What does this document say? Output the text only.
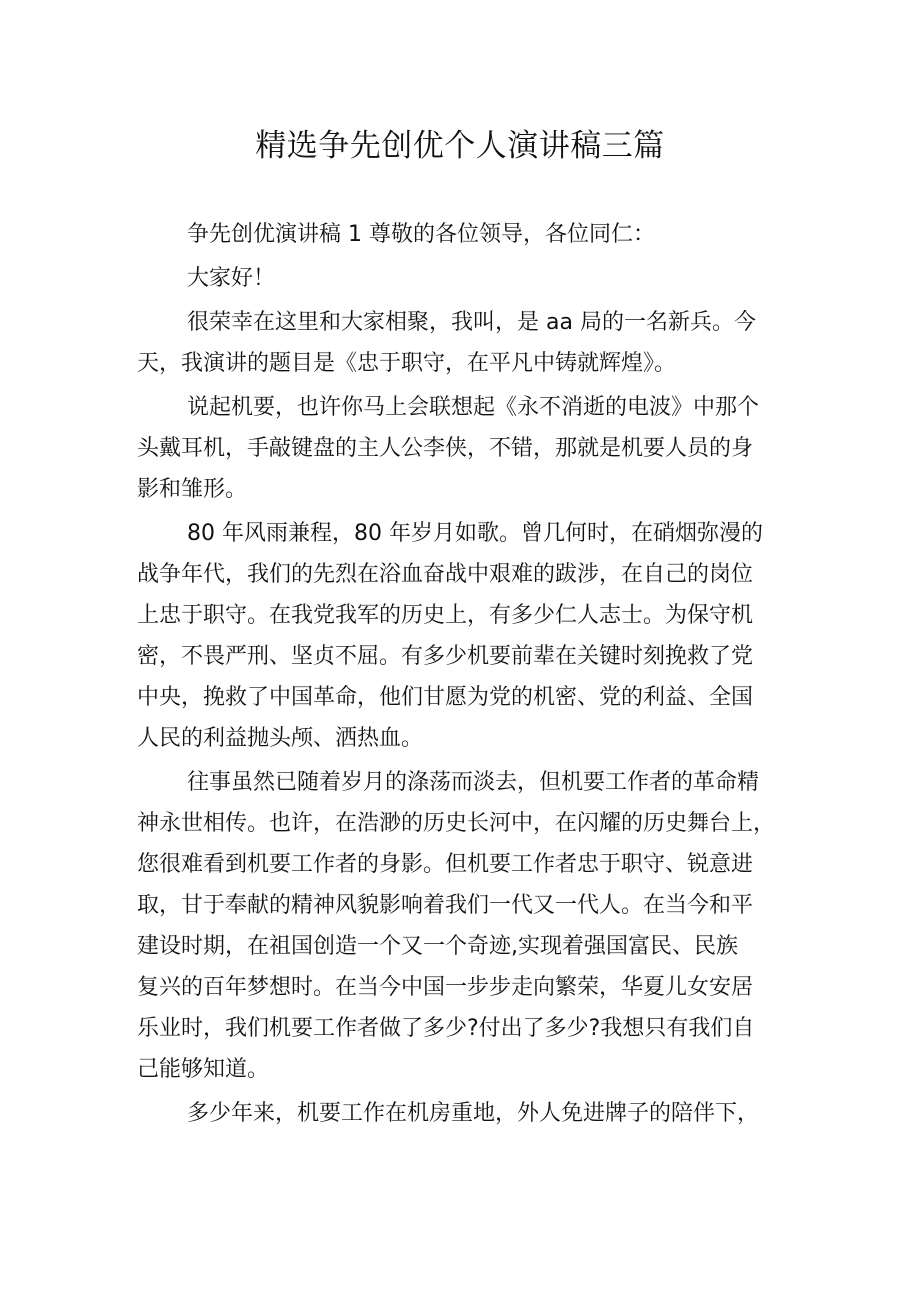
精选争先创优个人演讲稿三篇

争先创优演讲稿 1 尊敬的各位领导，各位同仁：

大家好！

很荣幸在这里和大家相聚，我叫，是 aa 局的一名新兵。今
天，我演讲的题目是《忠于职守，在平凡中铸就辉煌》。

说起机要，也许你马上会联想起《永不消逝的电波》中那个
头戴耳机，手敲键盘的主人公李侠，不错，那就是机要人员的身
影和雏形。

80 年风雨兼程，80 年岁月如歌。曾几何时，在硝烟弥漫的
战争年代，我们的先烈在浴血奋战中艰难的跋涉，在自己的岗位
上忠于职守。在我党我军的历史上，有多少仁人志士。为保守机
密，不畏严刑、坚贞不屈。有多少机要前辈在关键时刻挽救了党
中央，挽救了中国革命，他们甘愿为党的机密、党的利益、全国
人民的利益抛头颅、洒热血。

往事虽然已随着岁月的涤荡而淡去，但机要工作者的革命精
神永世相传。也许，在浩渺的历史长河中，在闪耀的历史舞台上，
您很难看到机要工作者的身影。但机要工作者忠于职守、锐意进
取，甘于奉献的精神风貌影响着我们一代又一代人。在当今和平
建设时期，在祖国创造一个又一个奇迹,实现着强国富民、民族
复兴的百年梦想时。在当今中国一步步走向繁荣，华夏儿女安居
乐业时，我们机要工作者做了多少?付出了多少?我想只有我们自
己能够知道。

多少年来，机要工作在机房重地，外人免进牌子的陪伴下，
